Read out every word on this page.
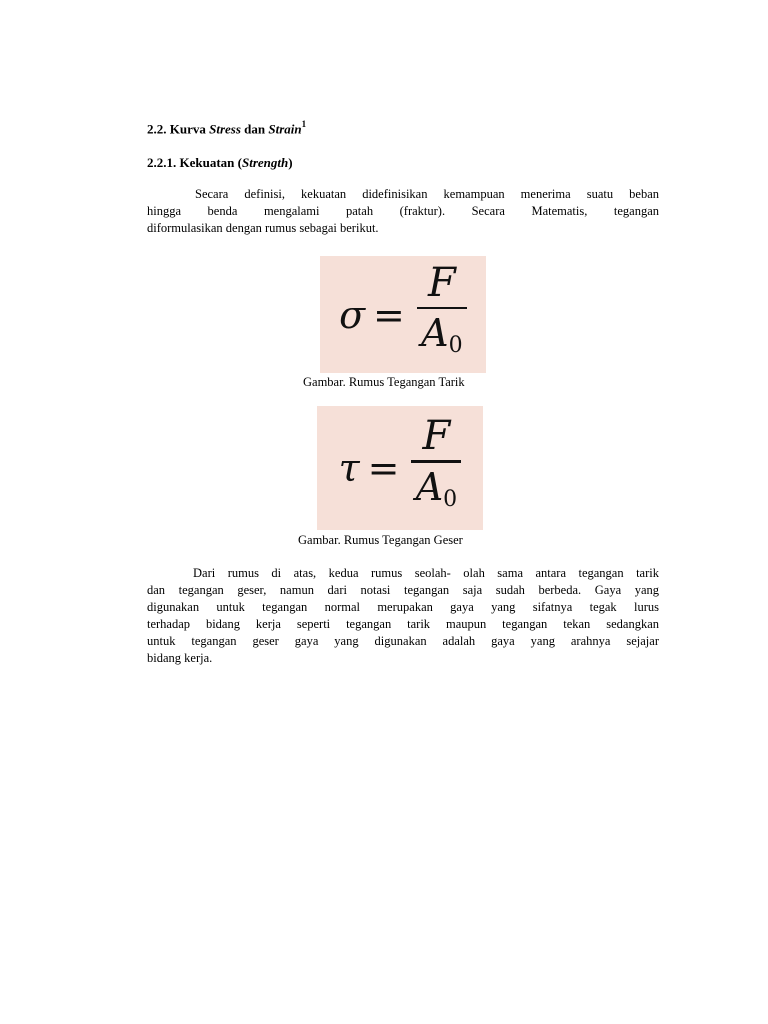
2.2. Kurva Stress dan Strain$^1$
2.2.1. Kekuatan (Strength)
Secara definisi, kekuatan didefinisikan kemampuan menerima suatu beban
hingga benda mengalami patah (fraktur). Secara Matematis, tegangan
diformulasikan dengan rumus sebagai berikut.
$\sigma = \frac{F}{A_0}$
Gambar. Rumus Tegangan Tarik
$\tau = \frac{F}{A_0}$
Gambar. Rumus Tegangan Geser
Dari rumus di atas, kedua rumus seolah- olah sama antara tegangan tarik
dan tegangan geser, namun dari notasi tegangan saja sudah berbeda. Gaya yang
digunakan untuk tegangan normal merupakan gaya yang sifatnya tegak lurus
terhadap bidang kerja seperti tegangan tarik maupun tegangan tekan sedangkan
untuk tegangan geser gaya yang digunakan adalah gaya yang arahnya sejajar
bidang kerja.
